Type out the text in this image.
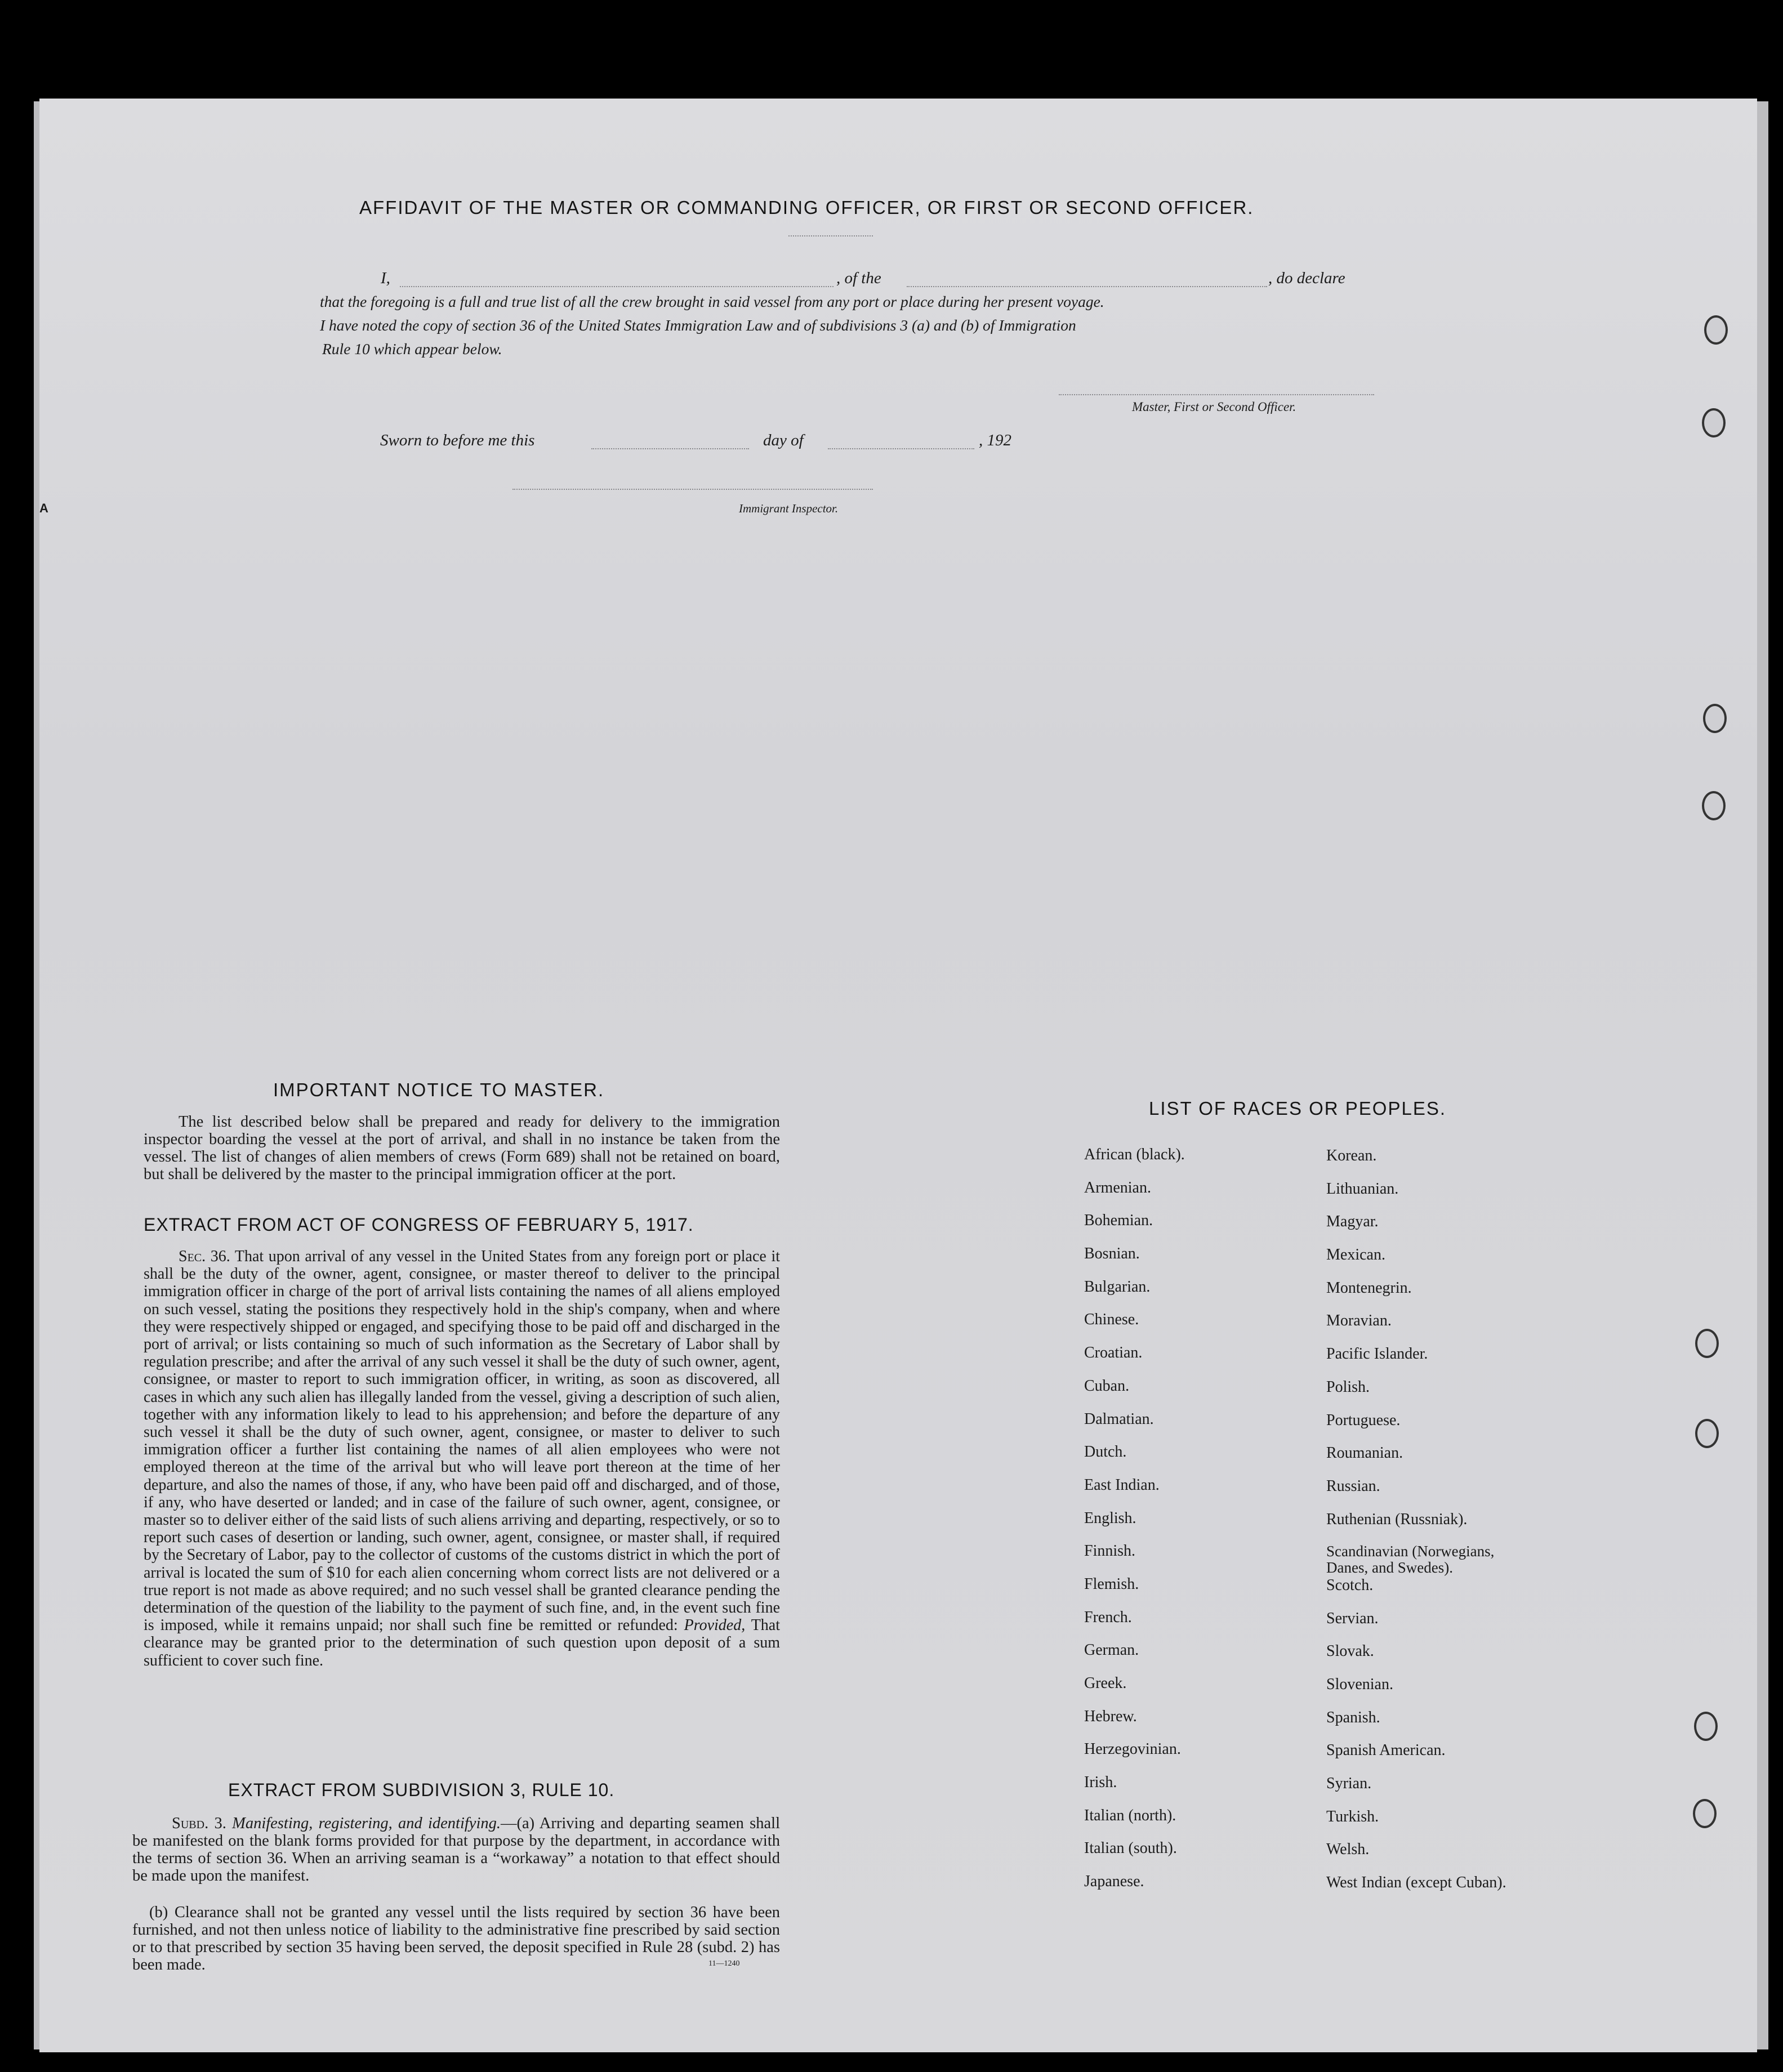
A
AFFIDAVIT OF THE MASTER OR COMMANDING OFFICER, OR FIRST OR SECOND OFFICER.
I,	, of the	, do declare
that the foregoing is a full and true list of all the crew brought in said vessel from any port or place during her present voyage.
I have noted the copy of section 36 of the United States Immigration Law and of subdivisions 3 (a) and (b) of Immigration
Rule 10 which appear below.
Master, First or Second Officer.
Sworn to before me this	day of	, 192
Immigrant Inspector.
IMPORTANT NOTICE TO MASTER.
The list described below shall be prepared and ready for delivery to the immigration inspector boarding the vessel at the port of arrival, and shall in no instance be taken from the vessel. The list of changes of alien members of crews (Form 689) shall not be retained on board, but shall be delivered by the master to the principal immigration officer at the port.
EXTRACT FROM ACT OF CONGRESS OF FEBRUARY 5, 1917.
Sec. 36. That upon arrival of any vessel in the United States from any foreign port or place it shall be the duty of the owner, agent, consignee, or master thereof to deliver to the principal immigration officer in charge of the port of arrival lists containing the names of all aliens employed on such vessel, stating the positions they respectively hold in the ship's company, when and where they were respectively shipped or engaged, and specifying those to be paid off and discharged in the port of arrival; or lists containing so much of such information as the Secretary of Labor shall by regulation prescribe; and after the arrival of any such vessel it shall be the duty of such owner, agent, consignee, or master to report to such immigration officer, in writing, as soon as discovered, all cases in which any such alien has illegally landed from the vessel, giving a description of such alien, together with any information likely to lead to his apprehension; and before the departure of any such vessel it shall be the duty of such owner, agent, consignee, or master to deliver to such immigration officer a further list containing the names of all alien employees who were not employed thereon at the time of the arrival but who will leave port thereon at the time of her departure, and also the names of those, if any, who have been paid off and discharged, and of those, if any, who have deserted or landed; and in case of the failure of such owner, agent, consignee, or master so to deliver either of the said lists of such aliens arriving and departing, respectively, or so to report such cases of desertion or landing, such owner, agent, consignee, or master shall, if required by the Secretary of Labor, pay to the collector of customs of the customs district in which the port of arrival is located the sum of $10 for each alien concerning whom correct lists are not delivered or a true report is not made as above required; and no such vessel shall be granted clearance pending the determination of the question of the liability to the payment of such fine, and, in the event such fine is imposed, while it remains unpaid; nor shall such fine be remitted or refunded: Provided, That clearance may be granted prior to the determination of such question upon deposit of a sum sufficient to cover such fine.
EXTRACT FROM SUBDIVISION 3, RULE 10.
Subd. 3. Manifesting, registering, and identifying.—(a) Arriving and departing seamen shall be manifested on the blank forms provided for that purpose by the department, in accordance with the terms of section 36. When an arriving seaman is a “workaway” a notation to that effect should be made upon the manifest.
(b) Clearance shall not be granted any vessel until the lists required by section 36 have been furnished, and not then unless notice of liability to the administrative fine prescribed by said section or to that prescribed by section 35 having been served, the deposit specified in Rule 28 (subd. 2) has been made.	11—1240
LIST OF RACES OR PEOPLES.
African (black).
Armenian.
Bohemian.
Bosnian.
Bulgarian.
Chinese.
Croatian.
Cuban.
Dalmatian.
Dutch.
East Indian.
English.
Finnish.
Flemish.
French.
German.
Greek.
Hebrew.
Herzegovinian.
Irish.
Italian (north).
Italian (south).
Japanese.
Korean.
Lithuanian.
Magyar.
Mexican.
Montenegrin.
Moravian.
Pacific Islander.
Polish.
Portuguese.
Roumanian.
Russian.
Ruthenian (Russniak).
Scandinavian (Norwegians, Danes, and Swedes).
Scotch.
Servian.
Slovak.
Slovenian.
Spanish.
Spanish American.
Syrian.
Turkish.
Welsh.
West Indian (except Cuban).
